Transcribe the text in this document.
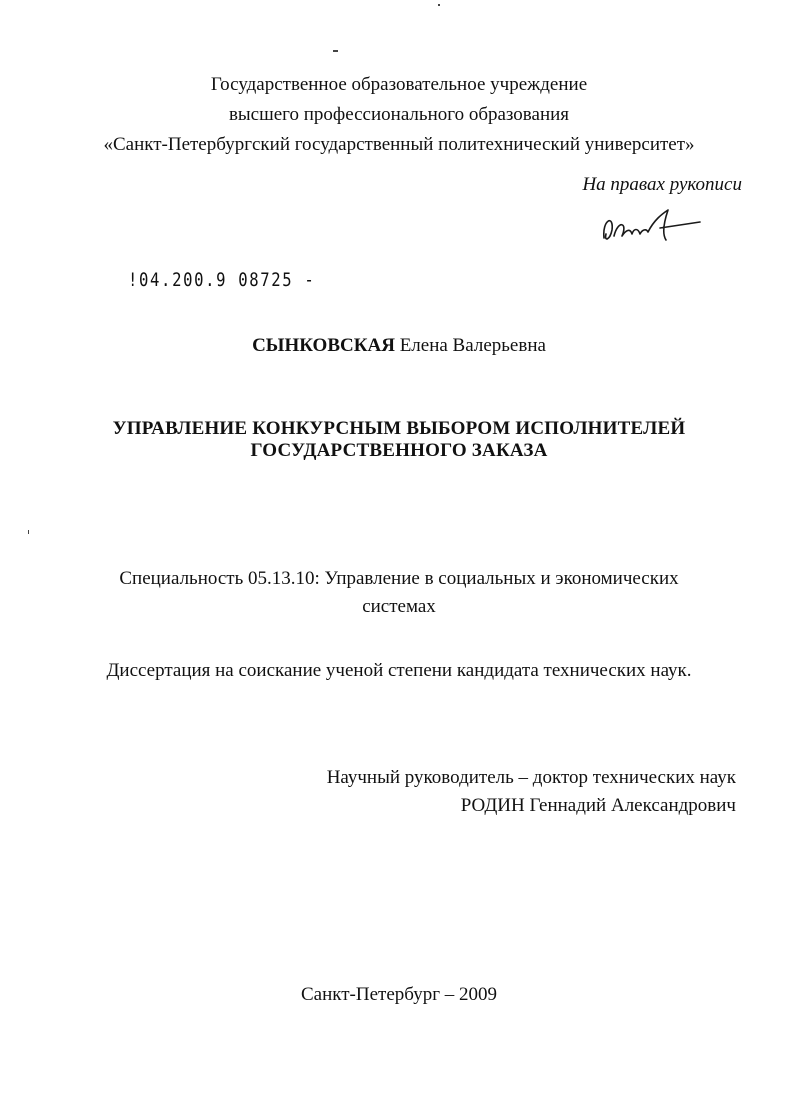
Государственное образовательное учреждение
высшего профессионального образования
«Санкт-Петербургский государственный политехнический университет»
На правах рукописи
!04.200.9 08725 -
СЫНКОВСКАЯ Елена Валерьевна
УПРАВЛЕНИЕ КОНКУРСНЫМ ВЫБОРОМ ИСПОЛНИТЕЛЕЙ
ГОСУДАРСТВЕННОГО ЗАКАЗА
Специальность 05.13.10: Управление в социальных и экономических
системах
Диссертация на соискание ученой степени кандидата технических наук.
Научный руководитель – доктор технических наук
РОДИН Геннадий Александрович
Санкт-Петербург – 2009
